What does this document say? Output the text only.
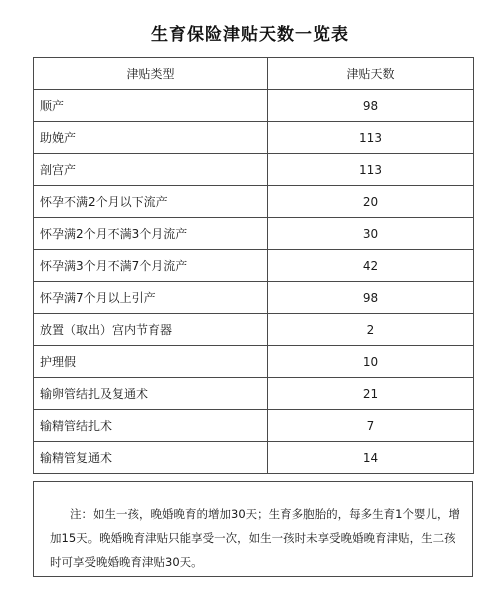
生育保险津贴天数一览表
津贴类型	津贴天数
顺产	98
助娩产	113
剖宫产	113
怀孕不满2个月以下流产	20
怀孕满2个月不满3个月流产	30
怀孕满3个月不满7个月流产	42
怀孕满7个月以上引产	98
放置（取出）宫内节育器	2
护理假	10
输卵管结扎及复通术	21
输精管结扎术	7
输精管复通术	14
注：如生一孩，晚婚晚育的增加30天；生育多胞胎的，每多生育1个婴儿，增加15天。晚婚晚育津贴只能享受一次，如生一孩时未享受晚婚晚育津贴，生二孩时可享受晚婚晚育津贴30天。
